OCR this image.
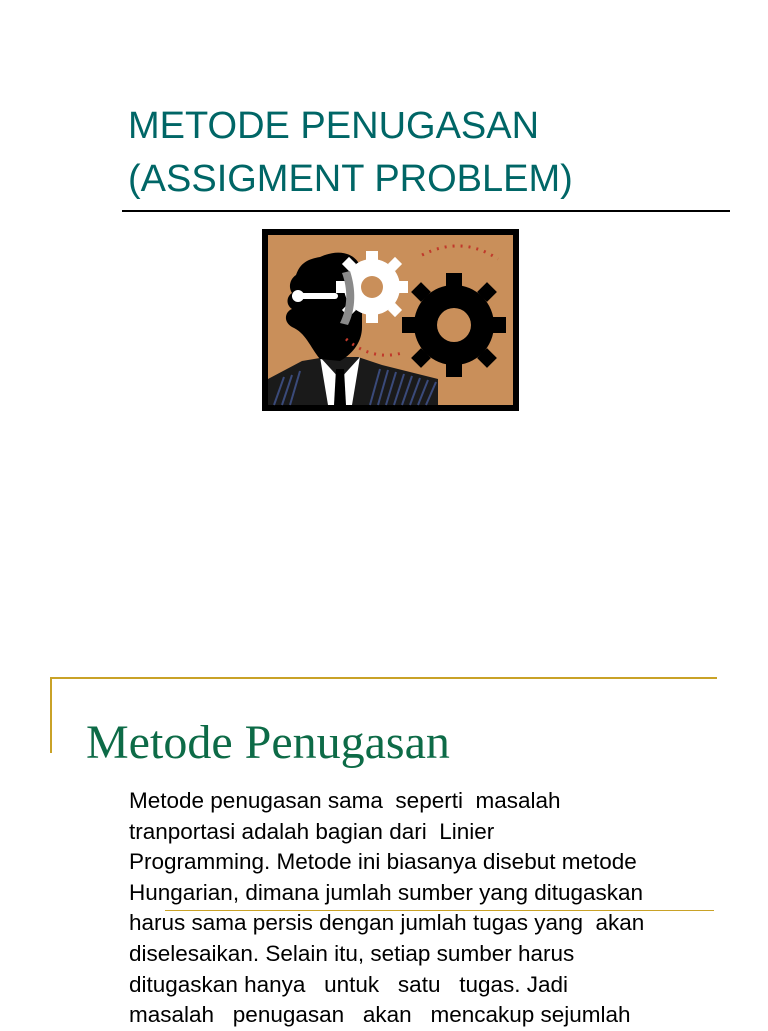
METODE PENUGASAN
(ASSIGMENT PROBLEM)
Metode Penugasan
Metode penugasan sama  seperti  masalah
tranportasi adalah bagian dari  Linier
Programming. Metode ini biasanya disebut metode
Hungarian, dimana jumlah sumber yang ditugaskan
harus sama persis dengan jumlah tugas yang  akan
diselesaikan. Selain itu, setiap sumber harus
ditugaskan hanya   untuk   satu   tugas. Jadi
masalah   penugasan   akan   mencakup sejumlah
